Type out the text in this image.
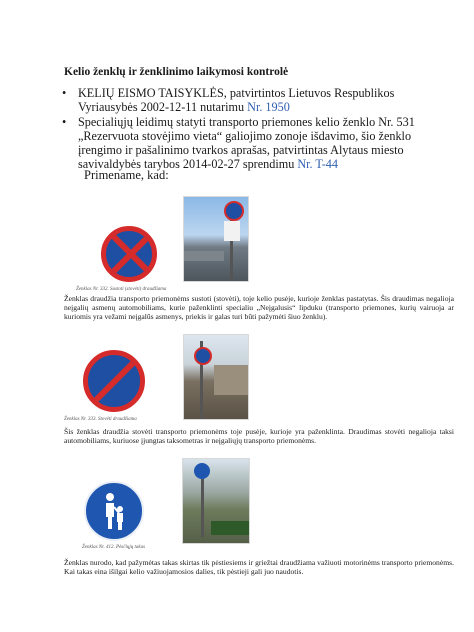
Kelio ženklų ir ženklinimo laikymosi kontrolė
• KELIŲ EISMO TAISYKLĖS, patvirtintos Lietuvos Respublikos Vyriausybės 2002-12-11 nutarimu Nr. 1950
• Specialiųjų leidimų statyti transporto priemones kelio ženklo Nr. 531 „Rezervuota stovėjimo vieta“ galiojimo zonoje išdavimo, šio ženklo įrengimo ir pašalinimo tvarkos aprašas, patvirtintas Alytaus miesto savivaldybės tarybos 2014-02-27 sprendimu Nr. T-44
Primename, kad:
Ženklas Nr. 332. Sustoti (stovėti) draudžiama
Ženklas draudžia transporto priemonėms sustoti (stovėti), toje kelio pusėje, kurioje ženklas pastatytas. Šis draudimas negalioja neįgalių asmenų automobiliams, kurie paženklinti specialiu „Neįgalusis“ lipduku (transporto priemones, kurių vairuoja ar kuriomis yra vežami neįgalūs asmenys, priekis ir galas turi būti pažymėti šiuo ženklu).
Ženklas Nr. 333. Stovėti draudžiama
Šis ženklas draudžia stovėti transporto priemonėms toje pusėje, kurioje yra paženklinta. Draudimas stovėti negalioja taksi automobiliams, kuriuose įjungtas taksometras ir neįgaliųjų transporto priemonėms.
Ženklas Nr. 412. Pėsčiųjų takas
Ženklas nurodo, kad pažymėtas takas skirtas tik pėstiesiems ir griežtai draudžiama važiuoti motorinėms transporto priemonėms. Kai takas eina išilgai kelio važiuojamosios dalies, tik pėstieji gali juo naudotis.
